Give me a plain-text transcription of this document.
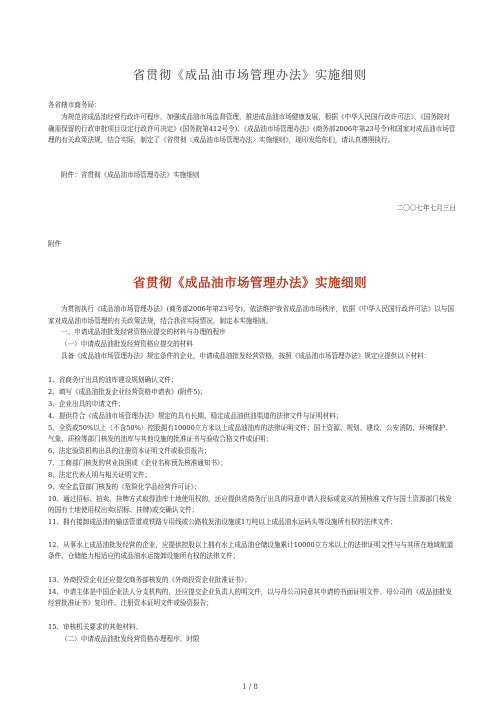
省贯彻《成品油市场管理办法》实施细则
各省辖市商务局：
为规范省成品油经营行政许可程序，加强成品油市场监督管理，推进成品油市场健康发展，根据《中华人民国行政许可法》、《国务院对确需保留的行政审批项目设定行政许可决定》(国务院第412号令)、《成品油市场管理办法》(商务部2006年第23号令)和国家对成品油市场管理的有关政策法规，结合实际，制定了《省贯彻〈成品油市场管理办法〉实施细则》，现印发给你们，请认真遵照执行。
附件：省贯彻《成品油市场管理办法》实施细则
二〇〇七年七月三日
附件
省贯彻《成品油市场管理办法》实施细则
为贯彻执行《成品油市场管理办法》(商务部2006年第23号令)，依法维护我省成品油市场秩序，依据《中华人民国行政许可法》以与国家对成品油市场管理的有关政策法规，结合我省实际情况，制定本实施细则。
一、申请成品油批发经营资格应提交的材料与办理的程序
（一）申请成品油批发经营资格应提交的材料
具备《成品油市场管理办法》规定条件的企业，申请成品油批发经营资格，按照《成品油市场管理办法》规定应提供以下材料：
1、省商务厅出具的油库建设规划确认文件；
2、填写《成品油批发企业经营资格申请表》(附件5)；
3、企业出具的申请文件；
4、提供符合《成品油市场管理办法》规定的具有长期、稳定成品油供油渠道的法律文件与证明材料；
5、全资或50%以上（不含50%）控股拥有10000立方米以上成品油油库的法律证明文件；国土资源、规划、建设、公安消防、环境保护、气象、质检等部门核发的油库与其他设施的批准证书与验收合格文件或证明；
6、法定验资机构出具的注册资本证明文件或验资报告；
7、工商部门核发的营业执照或《企业名称预先核准通知书》；
8、法定代表人明与相关证明文件；
9、安全监管部门核发的《危险化学品经营许可证》；
10、通过招标、拍卖、挂牌方式取得油库土地使用权的，还应提供省商务厅出具的同意申请人投标或竞买的预核准文件与国土资源部门核发的国有土地使用权出卖(招标、挂牌)或交确认文件；
11、拥有接卸成品油的输送管道或铁路专用线或公路收发油设施或1万吨以上成品油水运码头等设施所有权的法律文件；
12、从事水上成品油批发经营的企业，应提供控股以上拥有水上成品油仓储设施累计10000立方米以上的法律证明文件与与其所在地域航道条件、仓储能力相适应的成品油水运接卸设施所有权的法律文件；
13、外商投资企业还应提交商务部核发的《外商投资企业批准证书》；
14、申请主体是中国企业法人分支机构的，还应提交企业负责人的明文件，以与母公司同意其申请的书面证明文件、母公司的《成品油批发经营批准证书》复印件、注册资本证明文件或验资报告；
15、审核机关要求的其他材料。
（二）申请成品油批发经营资格办理程序、时限
1 / 8
